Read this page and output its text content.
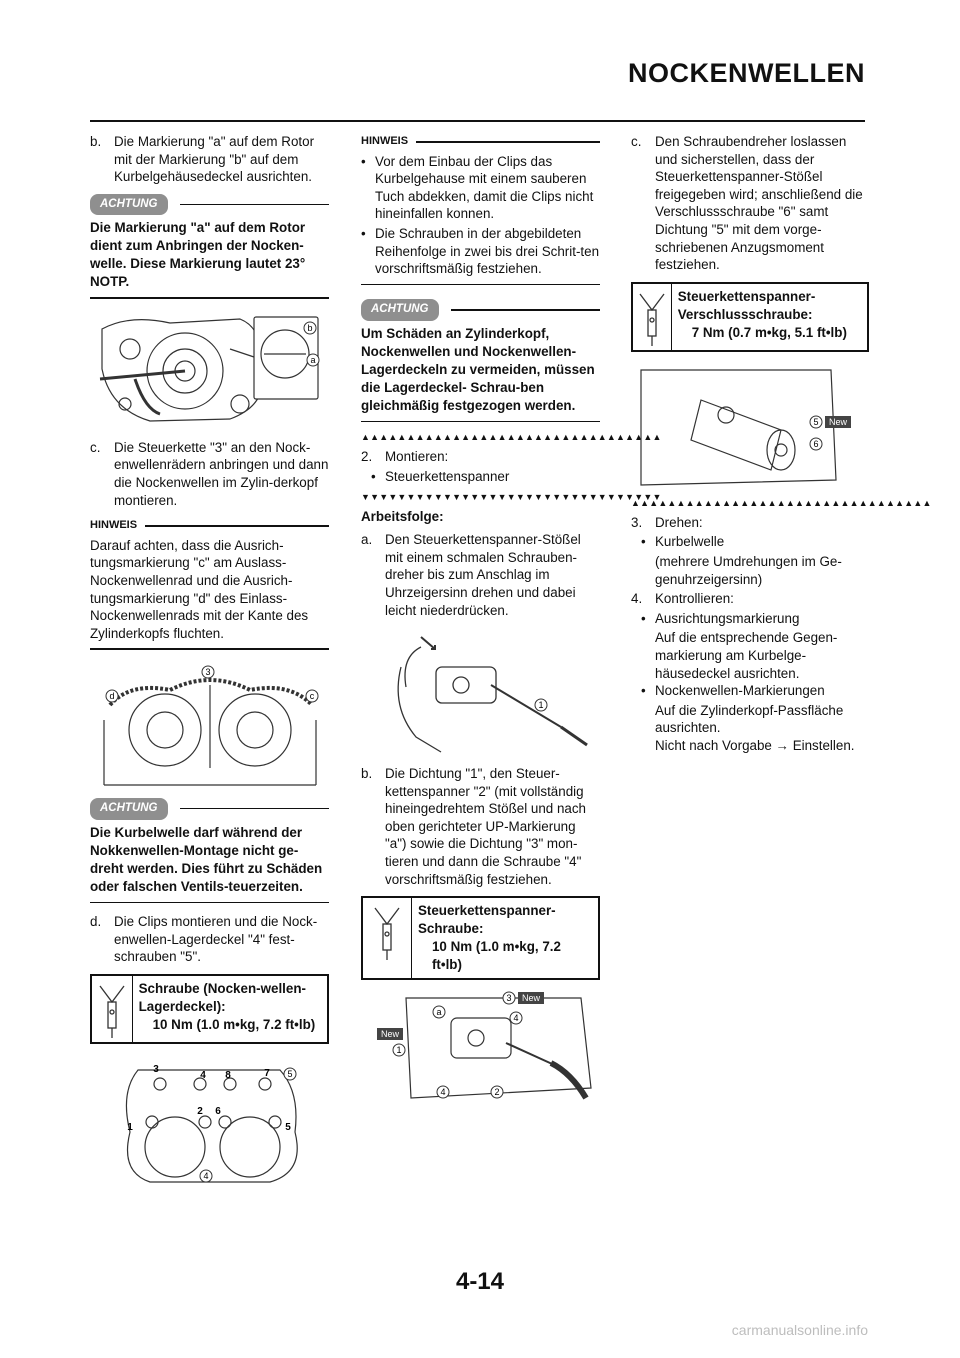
NOCKENWELLEN
b. Die Markierung "a" auf dem Rotor mit der Markierung "b" auf dem Kurbelgehäusedeckel ausrichten.
ACHTUNG
Die Markierung "a" auf dem Rotor dient zum Anbringen der Nocken-welle. Diese Markierung lautet 23° NOTP.
b
a
c. Die Steuerkette "3" an den Nock-enwellenrädern anbringen und dann die Nockenwellen im Zylin-derkopf montieren.
HINWEIS
Darauf achten, dass die Ausrich-tungsmarkierung "c" am Auslass-Nockenwellenrad und die Ausrich-tungsmarkierung "d" des Einlass-Nockenwellenrads mit der Kante des Zylinderkopfs fluchten.
3
d	c
ACHTUNG
Die Kurbelwelle darf während der Nokkenwellen-Montage nicht ge-dreht werden. Dies führt zu Schäden oder falschen Ventils-teuerzeiten.
d. Die Clips montieren und die Nock-enwellen-Lagerdeckel "4" fest-schrauben "5".
Schraube (Nocken-wellen- Lagerdeckel):
10 Nm (1.0 m•kg, 7.2 ft•lb)
3
4 8	7
1
2 6
5
5
4
HINWEIS
• Vor dem Einbau der Clips das Kurbelgehause mit einem sauberen Tuch abdekken, damit die Clips nicht hineinfallen konnen.
• Die Schrauben in der abgebildeten Reihenfolge in zwei bis drei Schrit-ten vorschriftsmäßig festziehen.
ACHTUNG
Um Schäden an Zylinderkopf, Nockenwellen und Nockenwellen-Lagerdeckeln zu vermeiden, müssen die Lagerdeckel- Schrau-ben gleichmäßig festgezogen werden.
▲▲▲▲▲▲▲▲▲▲▲▲▲▲▲▲▲▲▲▲▲▲▲▲▲▲▲▲▲▲▲▲▲
2. Montieren:
• Steuerkettenspanner
▼▼▼▼▼▼▼▼▼▼▼▼▼▼▼▼▼▼▼▼▼▼▼▼▼▼▼▼▼▼▼▼▼
Arbeitsfolge:
a. Den Steuerkettenspanner-Stößel mit einem schmalen Schrauben-dreher bis zum Anschlag im Uhrzeigersinn drehen und dabei leicht niederdrücken.
1
b. Die Dichtung "1", den Steuer-kettenspanner "2" (mit vollständig hineingedrehtem Stößel und nach oben gerichteter UP-Markierung "a") sowie die Dichtung "3" mon-tieren und dann die Schraube "4" vorschriftsmäßig festziehen.
Steuerkettenspanner-Schraube:
10 Nm (1.0 m•kg, 7.2 ft•lb)
3 New
a
4
New
1
4	2
c. Den Schraubendreher loslassen und sicherstellen, dass der Steuerkettenspanner-Stößel freigegeben wird; anschließend die Verschlussschraube "6" samt Dichtung "5" mit dem vorge-schriebenen Anzugsmoment festziehen.
Steuerkettenspanner-Verschlussschraube:
7 Nm (0.7 m•kg, 5.1 ft•lb)
5 New
6
▲▲▲▲▲▲▲▲▲▲▲▲▲▲▲▲▲▲▲▲▲▲▲▲▲▲▲▲▲▲▲▲▲
3. Drehen:
• Kurbelwelle
(mehrere Umdrehungen im Ge-genuhrzeigersinn)
4. Kontrollieren:
• Ausrichtungsmarkierung
Auf die entsprechende Gegen-markierung am Kurbelge-häusedeckel ausrichten.
• Nockenwellen-Markierungen
Auf die Zylinderkopf-Passfläche ausrichten.
Nicht nach Vorgabe → Einstellen.
4-14
carmanualsonline.info
